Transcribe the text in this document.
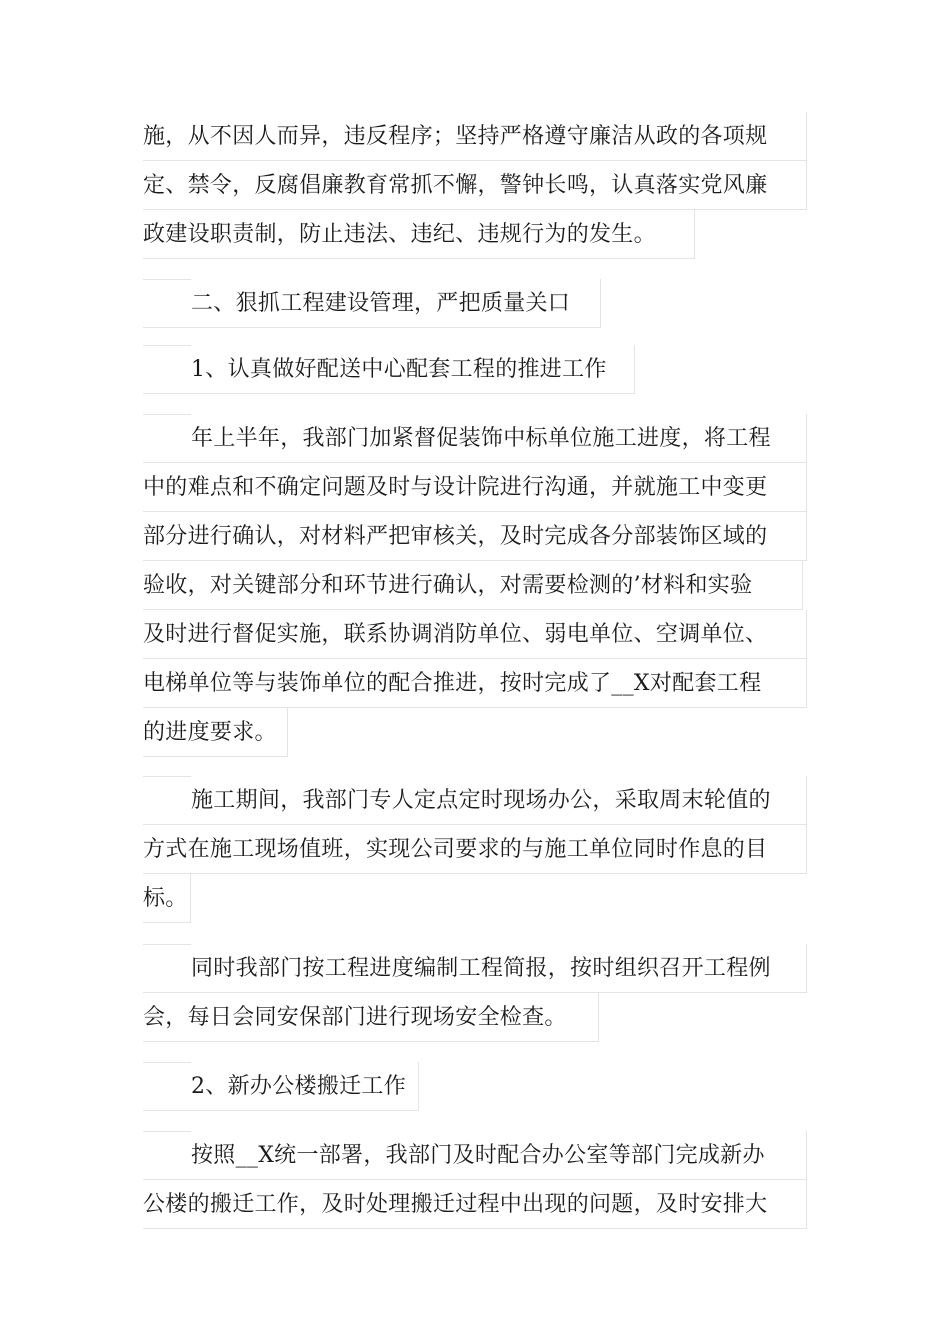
施，从不因人而异，违反程序；坚持严格遵守廉洁从政的各项规
定、禁令，反腐倡廉教育常抓不懈，警钟长鸣，认真落实党风廉
政建设职责制，防止违法、违纪、违规行为的发生。
二、狠抓工程建设管理，严把质量关口
1、认真做好配送中心配套工程的推进工作
年上半年，我部门加紧督促装饰中标单位施工进度，将工程
中的难点和不确定问题及时与设计院进行沟通，并就施工中变更
部分进行确认，对材料严把审核关，及时完成各分部装饰区域的
验收，对关键部分和环节进行确认，对需要检测的’材料和实验
及时进行督促实施，联系协调消防单位、弱电单位、空调单位、
电梯单位等与装饰单位的配合推进，按时完成了__X对配套工程
的进度要求。
施工期间，我部门专人定点定时现场办公，采取周末轮值的
方式在施工现场值班，实现公司要求的与施工单位同时作息的目
标。
同时我部门按工程进度编制工程简报，按时组织召开工程例
会，每日会同安保部门进行现场安全检查。
2、新办公楼搬迁工作
按照__X统一部署，我部门及时配合办公室等部门完成新办
公楼的搬迁工作，及时处理搬迁过程中出现的问题，及时安排大
